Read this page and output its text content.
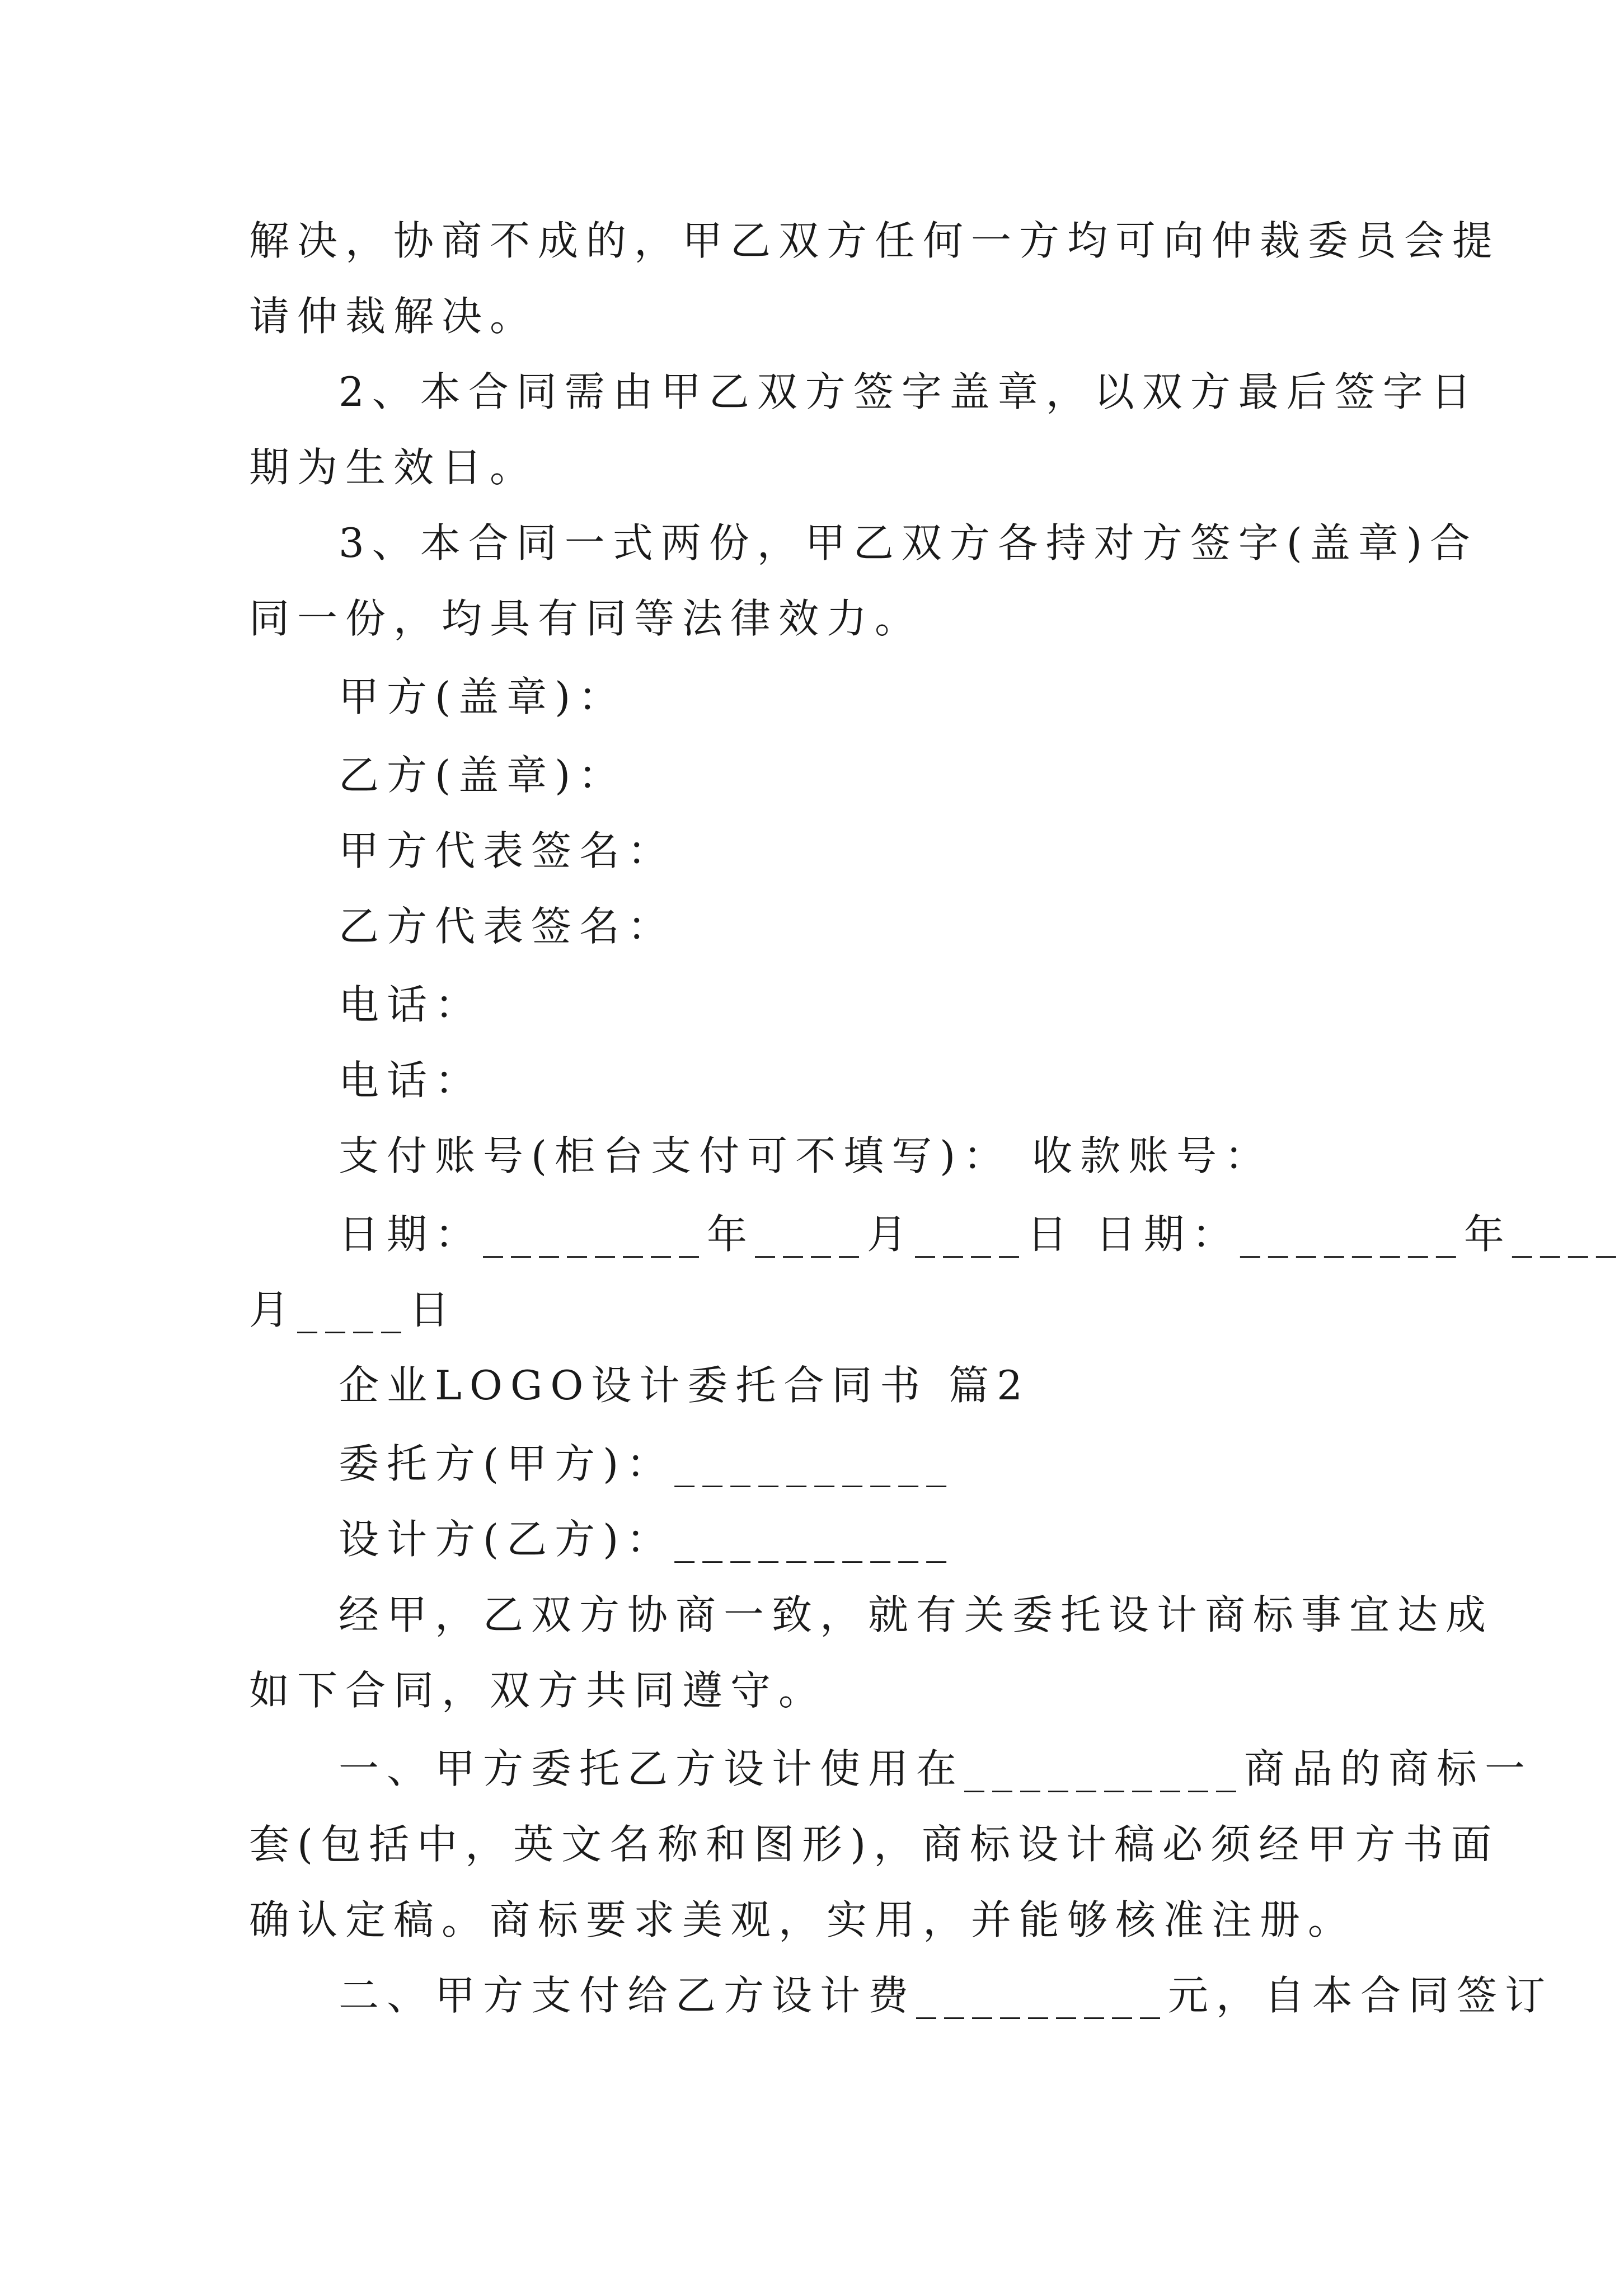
解决，协商不成的，甲乙双方任何一方均可向仲裁委员会提
请仲裁解决。
2、本合同需由甲乙双方签字盖章，以双方最后签字日
期为生效日。
3、本合同一式两份，甲乙双方各持对方签字(盖章)合
同一份，均具有同等法律效力。
甲方(盖章)：
乙方(盖章)：
甲方代表签名：
乙方代表签名：
电话：
电话：
支付账号(柜台支付可不填写)： 收款账号：
日期：________年____月____日 日期：________年____
月____日
企业LOGO设计委托合同书 篇2
委托方(甲方)：__________
设计方(乙方)：__________
经甲，乙双方协商一致，就有关委托设计商标事宜达成
如下合同，双方共同遵守。
一、甲方委托乙方设计使用在__________商品的商标一
套(包括中，英文名称和图形)，商标设计稿必须经甲方书面
确认定稿。商标要求美观，实用，并能够核准注册。
二、甲方支付给乙方设计费_________元，自本合同签订
